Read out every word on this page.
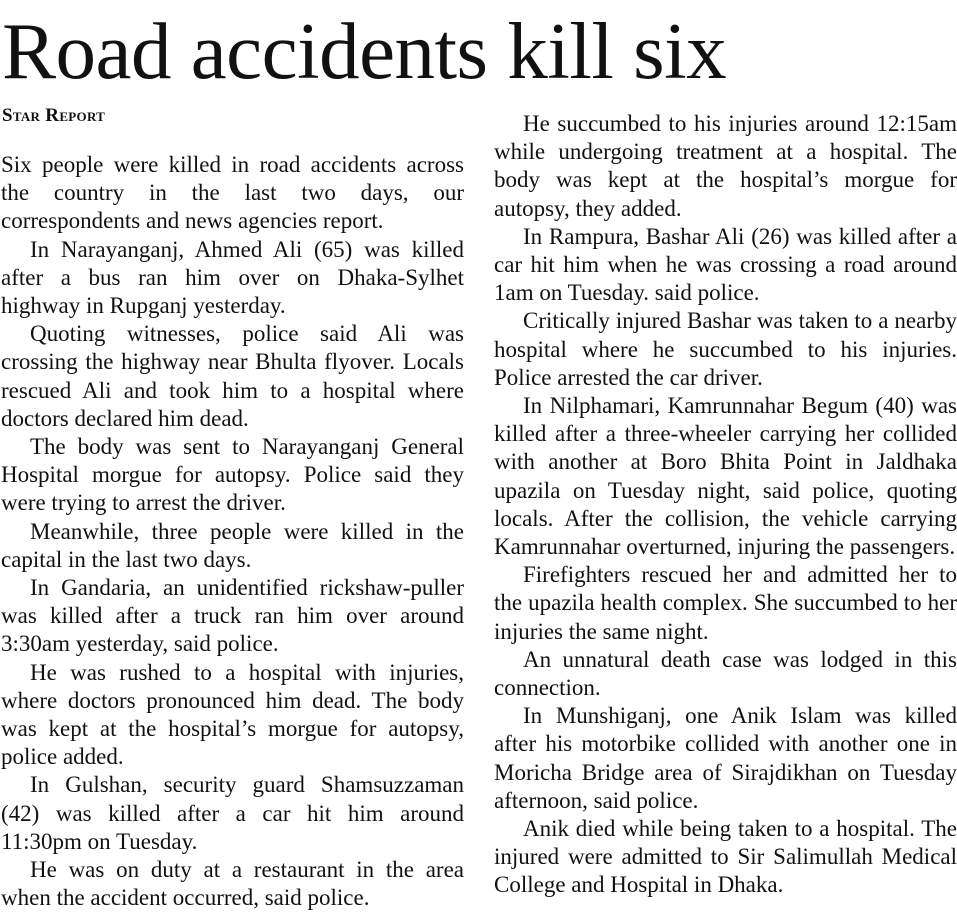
Road accidents kill six
Star Report

Six people were killed in road accidents across the country in the last two days, our correspondents and news agencies report.

In Narayanganj, Ahmed Ali (65) was killed after a bus ran him over on Dhaka-Sylhet highway in Rupganj yesterday.

Quoting witnesses, police said Ali was crossing the highway near Bhulta flyover. Locals rescued Ali and took him to a hospital where doctors declared him dead.

The body was sent to Narayanganj General Hospital morgue for autopsy. Police said they were trying to arrest the driver.

Meanwhile, three people were killed in the capital in the last two days.

In Gandaria, an unidentified rickshaw-puller was killed after a truck ran him over around 3:30am yesterday, said police.

He was rushed to a hospital with injuries, where doctors pronounced him dead. The body was kept at the hospital’s morgue for autopsy, police added.

In Gulshan, security guard Shamsuzzaman (42) was killed after a car hit him around 11:30pm on Tuesday.

He was on duty at a restaurant in the area when the accident occurred, said police.

He succumbed to his injuries around 12:15am while undergoing treatment at a hospital. The body was kept at the hospital’s morgue for autopsy, they added.

In Rampura, Bashar Ali (26) was killed after a car hit him when he was crossing a road around 1am on Tuesday. said police.

Critically injured Bashar was taken to a nearby hospital where he succumbed to his injuries. Police arrested the car driver.

In Nilphamari, Kamrunnahar Begum (40) was killed after a three-wheeler carrying her collided with another at Boro Bhita Point in Jaldhaka upazila on Tuesday night, said police, quoting locals. After the collision, the vehicle carrying Kamrunnahar overturned, injuring the passengers.

Firefighters rescued her and admitted her to the upazila health complex. She succumbed to her injuries the same night.

An unnatural death case was lodged in this connection.

In Munshiganj, one Anik Islam was killed after his motorbike collided with another one in Moricha Bridge area of Sirajdikhan on Tuesday afternoon, said police.

Anik died while being taken to a hospital. The injured were admitted to Sir Salimullah Medical College and Hospital in Dhaka.
